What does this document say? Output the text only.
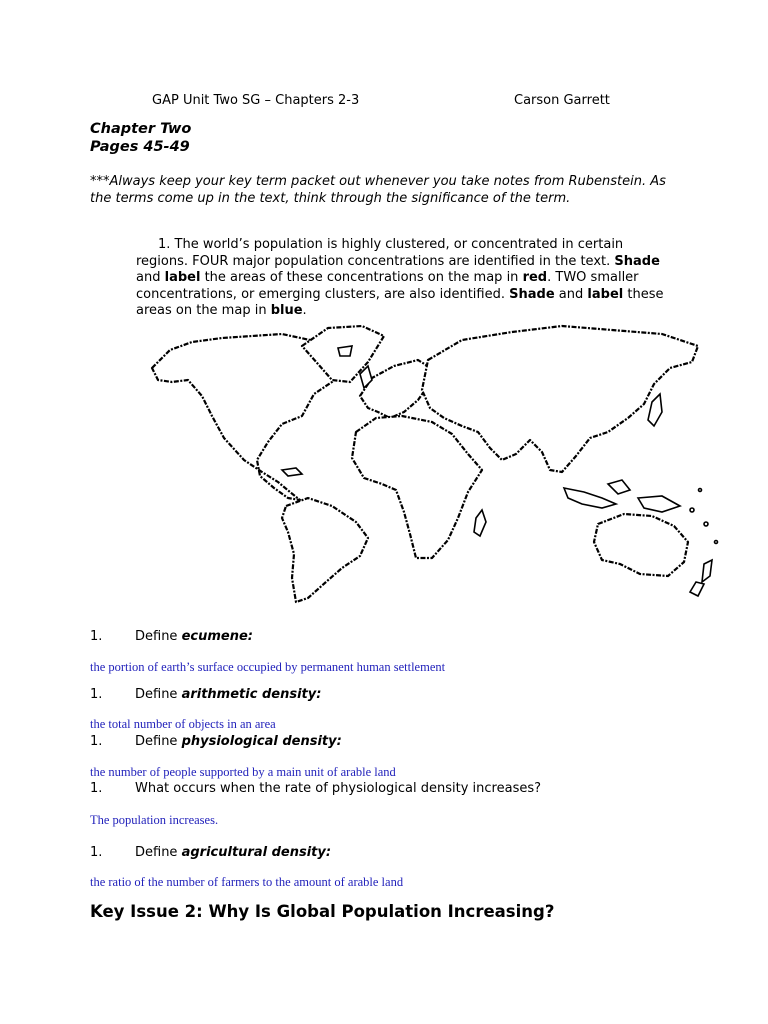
GAP Unit Two SG – Chapters 2-3	Carson Garrett
Chapter Two
Pages 45-49
***Always keep your key term packet out whenever you take notes from Rubenstein. As the terms come up in the text, think through the significance of the term.
1. The world’s population is highly clustered, or concentrated in certain regions. FOUR major population concentrations are identified in the text. Shade and label the areas of these concentrations on the map in red. TWO smaller concentrations, or emerging clusters, are also identified. Shade and label these areas on the map in blue.
1.	Define ecumene:
the portion of earth’s surface occupied by permanent human settlement
1.	Define arithmetic density:
the total number of objects in an area
1.	Define physiological density:
the number of people supported by a main unit of arable land
1.	What occurs when the rate of physiological density increases?
The population increases.
1.	Define agricultural density:
the ratio of the number of farmers to the amount of arable land
Key Issue 2: Why Is Global Population Increasing?
